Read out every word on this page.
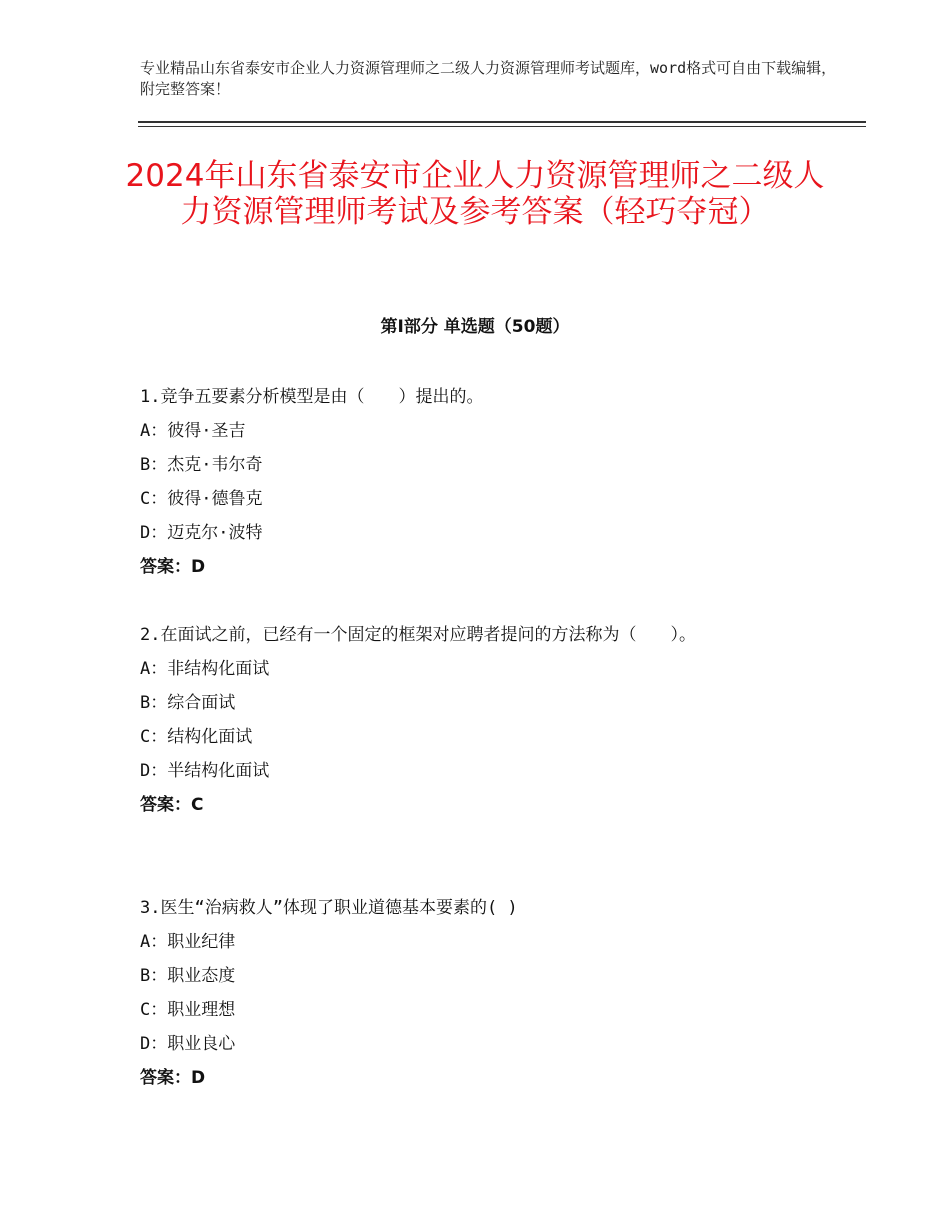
专业精品山东省泰安市企业人力资源管理师之二级人力资源管理师考试题库，word格式可自由下载编辑，附完整答案！
2024年山东省泰安市企业人力资源管理师之二级人力资源管理师考试及参考答案（轻巧夺冠）
第Ⅰ部分 单选题（50题）
1.竞争五要素分析模型是由（　　）提出的。
A：彼得·圣吉
B：杰克·韦尔奇
C：彼得·德鲁克
D：迈克尔·波特
答案：D
2.在面试之前，已经有一个固定的框架对应聘者提问的方法称为（　　）。
A：非结构化面试
B：综合面试
C：结构化面试
D：半结构化面试
答案：C
3.医生“治病救人”体现了职业道德基本要素的( )
A：职业纪律
B：职业态度
C：职业理想
D：职业良心
答案：D
